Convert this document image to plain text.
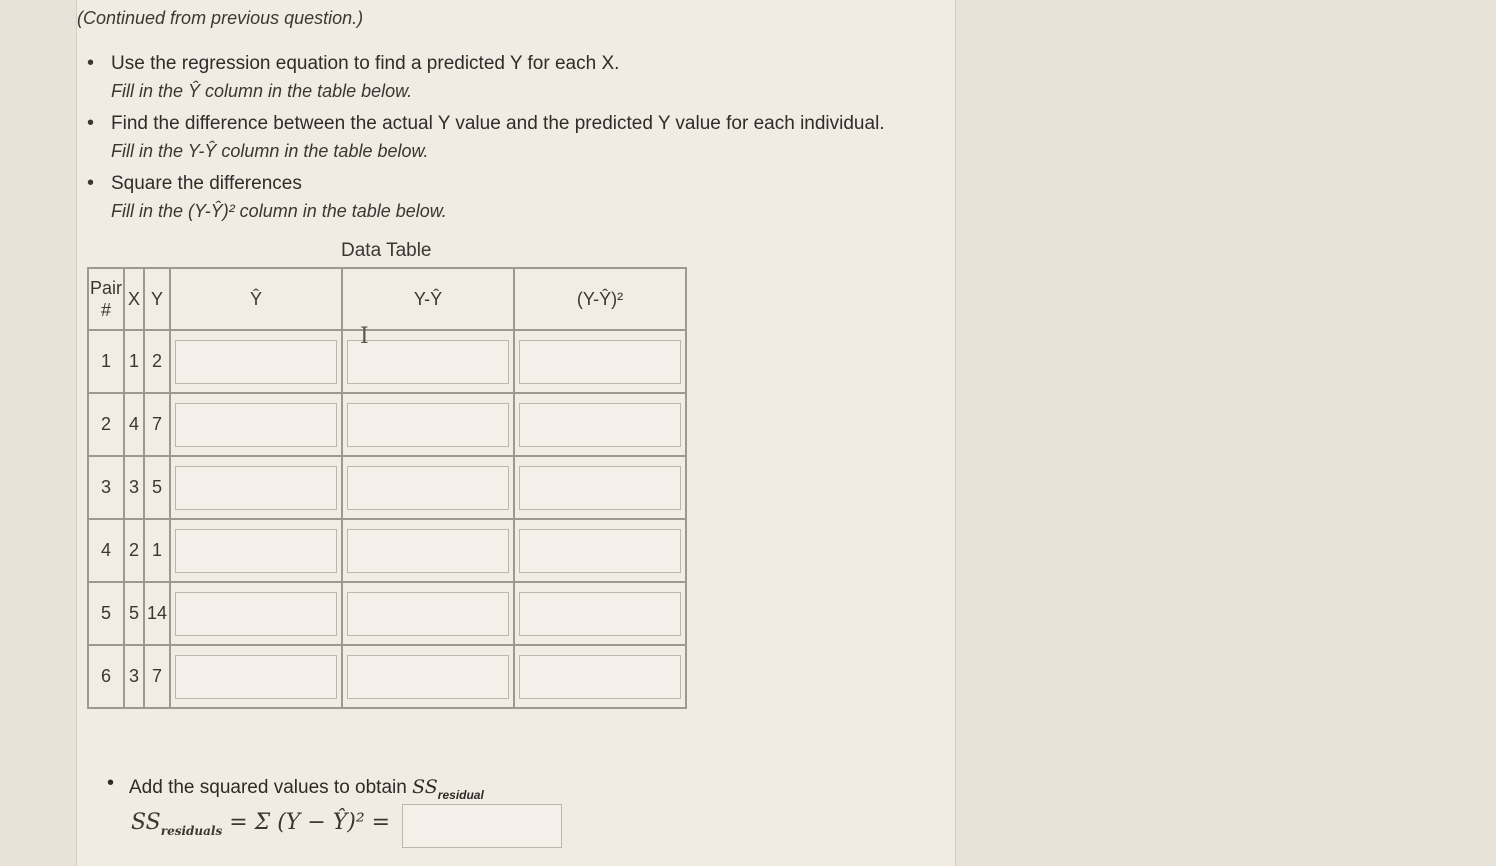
(Continued from previous question.)
• Use the regression equation to find a predicted Y for each X.
Fill in the Ŷ column in the table below.
• Find the difference between the actual Y value and the predicted Y value for each individual.
Fill in the Y-Ŷ column in the table below.
• Square the differences
Fill in the (Y-Ŷ)² column in the table below.
Data Table
Pair
#	X	Y	Ŷ	Y-Ŷ	(Y-Ŷ)²
1	1	2	

2	4	7	

3	3	5	

4	2	1	

5	5	14	

6	3	7	

I
• Add the squared values to obtain $SS_{residual}$
$SS_{residuals} = \Sigma$ (Y − Ŷ)² =
